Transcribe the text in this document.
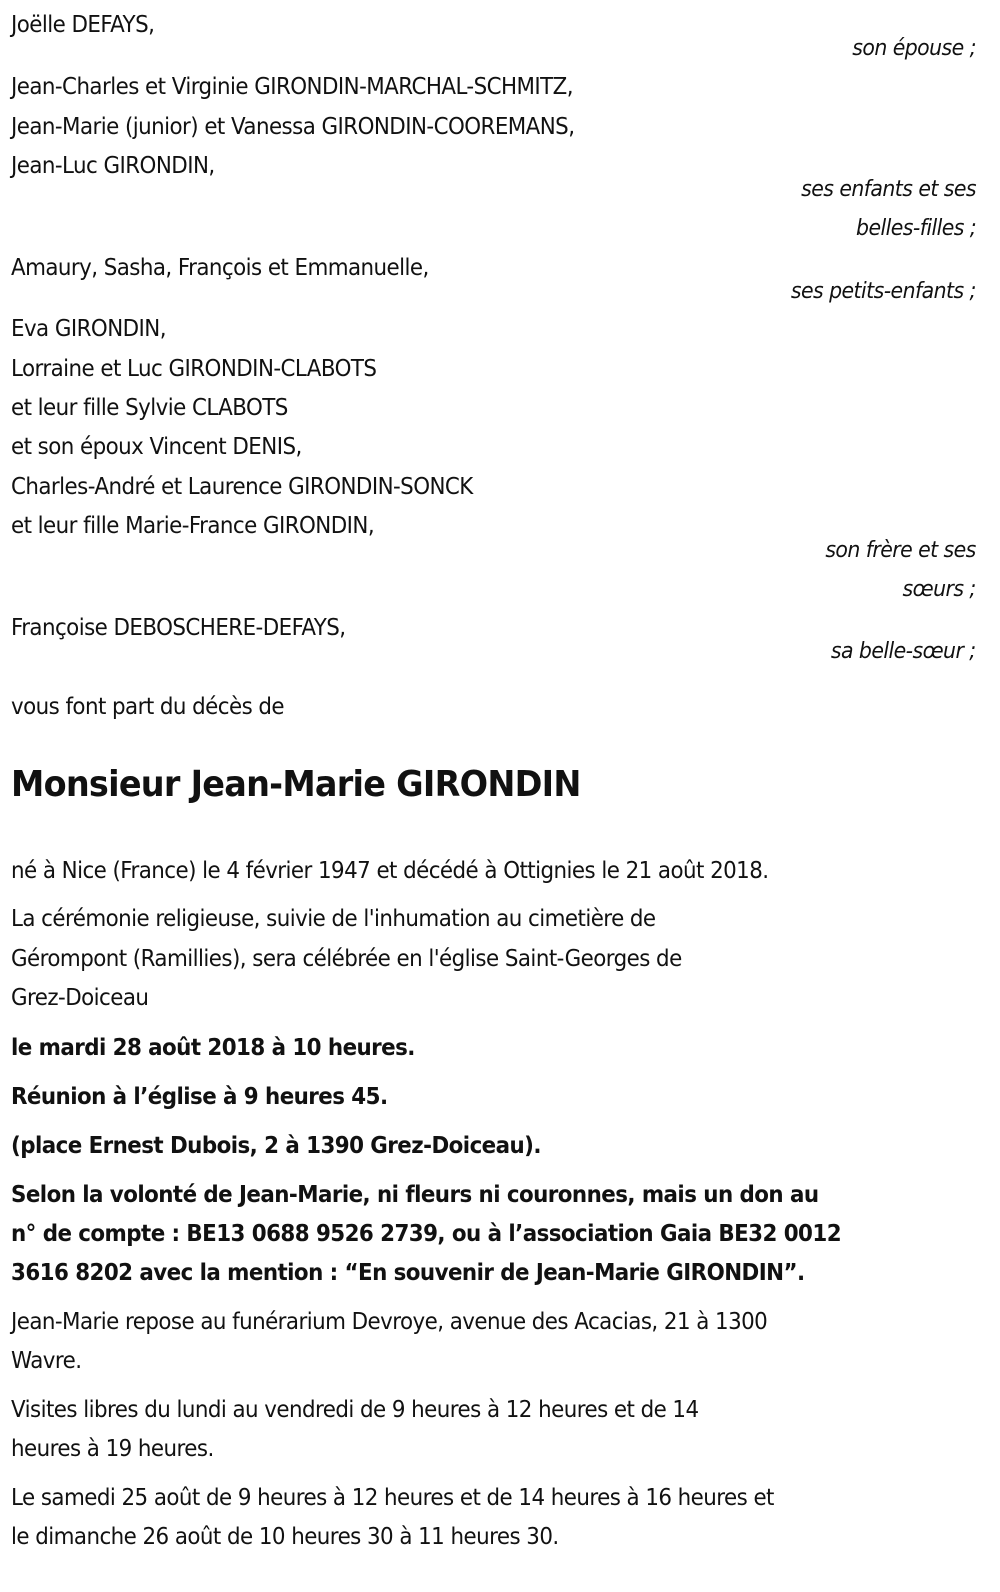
Joëlle DEFAYS,
son épouse ;
Jean-Charles et Virginie GIRONDIN-MARCHAL-SCHMITZ,
Jean-Marie (junior) et Vanessa GIRONDIN-COOREMANS,
Jean-Luc GIRONDIN,
ses enfants et ses
belles-filles ;
Amaury, Sasha, François et Emmanuelle,
ses petits-enfants ;
Eva GIRONDIN,
Lorraine et Luc GIRONDIN-CLABOTS
et leur fille Sylvie CLABOTS
et son époux Vincent DENIS,
Charles-André et Laurence GIRONDIN-SONCK
et leur fille Marie-France GIRONDIN,
son frère et ses
sœurs ;
Françoise DEBOSCHERE-DEFAYS,
sa belle-sœur ;
vous font part du décès de
Monsieur Jean-Marie GIRONDIN
né à Nice (France) le 4 février 1947 et décédé à Ottignies le 21 août 2018.
La cérémonie religieuse, suivie de l'inhumation au cimetière de
Gérompont (Ramillies), sera célébrée en l'église Saint-Georges de
Grez-Doiceau
le mardi 28 août 2018 à 10 heures.
Réunion à l’église à 9 heures 45.
(place Ernest Dubois, 2 à 1390 Grez-Doiceau).
Selon la volonté de Jean-Marie, ni fleurs ni couronnes, mais un don au
n° de compte : BE13 0688 9526 2739, ou à l’association Gaia BE32 0012
3616 8202 avec la mention : “En souvenir de Jean-Marie GIRONDIN”.
Jean-Marie repose au funérarium Devroye, avenue des Acacias, 21 à 1300
Wavre.
Visites libres du lundi au vendredi de 9 heures à 12 heures et de 14
heures à 19 heures.
Le samedi 25 août de 9 heures à 12 heures et de 14 heures à 16 heures et
le dimanche 26 août de 10 heures 30 à 11 heures 30.
